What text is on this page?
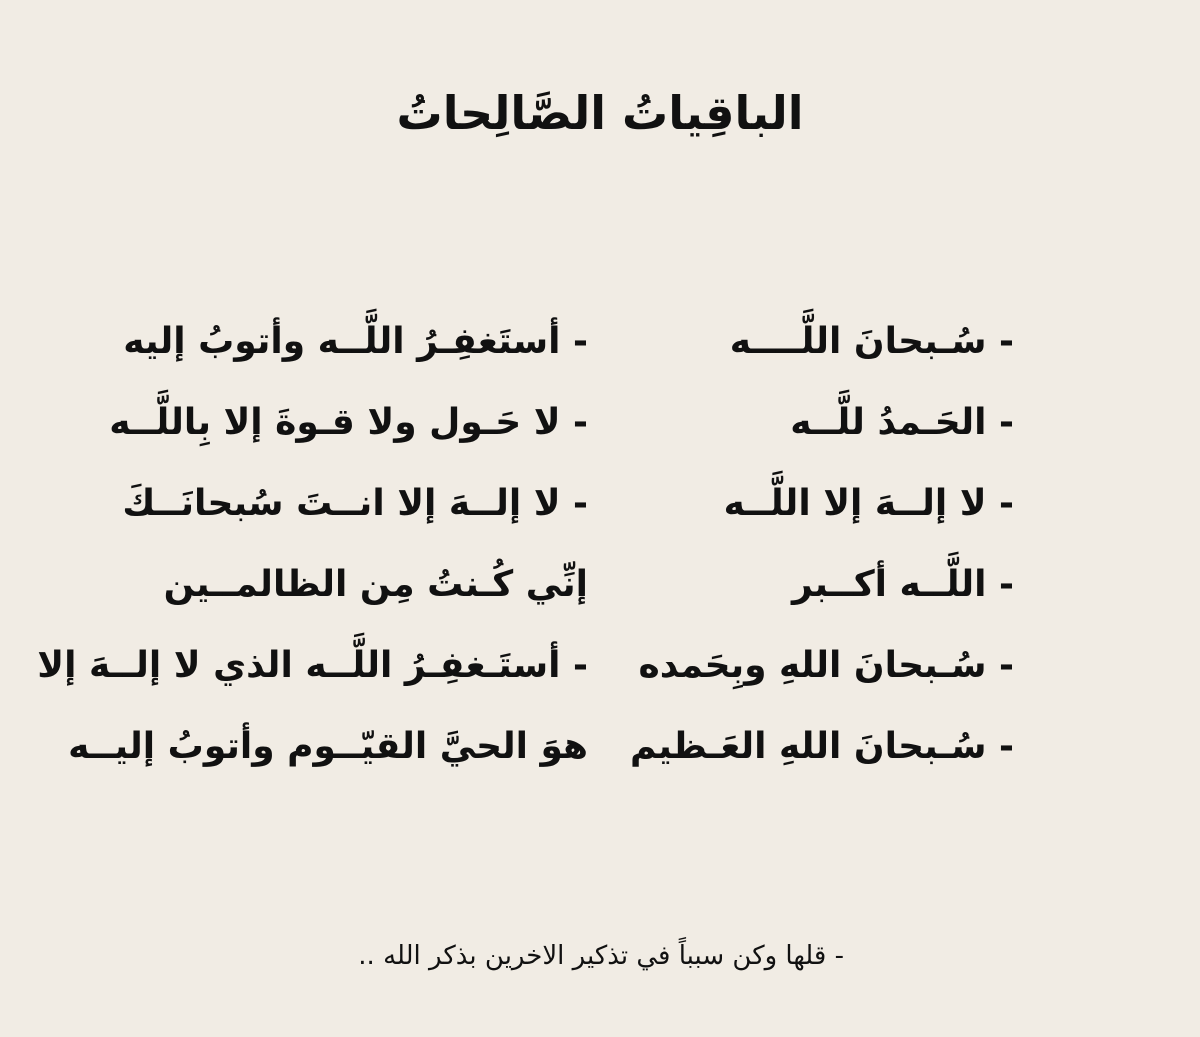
الباقِياتُ الصَّالِحاتُ
- سُـبحانَ اللَّــــه
- الحَـمدُ للَّــه
- لا إلــهَ إلا اللَّــه
- اللَّــه أكــبر
- سُـبحانَ اللهِ وبِحَمده
- سُـبحانَ اللهِ العَـظيم
- أستَغفِـرُ اللَّــه وأتوبُ إليه
- لا حَـول ولا قـوةَ إلا بِاللَّــه
- لا إلــهَ إلا انــتَ سُبحانَــكَ
إنِّي كُـنتُ مِن الظالمــين
- أستَـغفِـرُ اللَّــه الذي لا إلــهَ إلا
هوَ الحيَّ القيّــوم وأتوبُ إليــه
- قلها وكن سبباً في تذكير الاخرين بذكر الله ..
